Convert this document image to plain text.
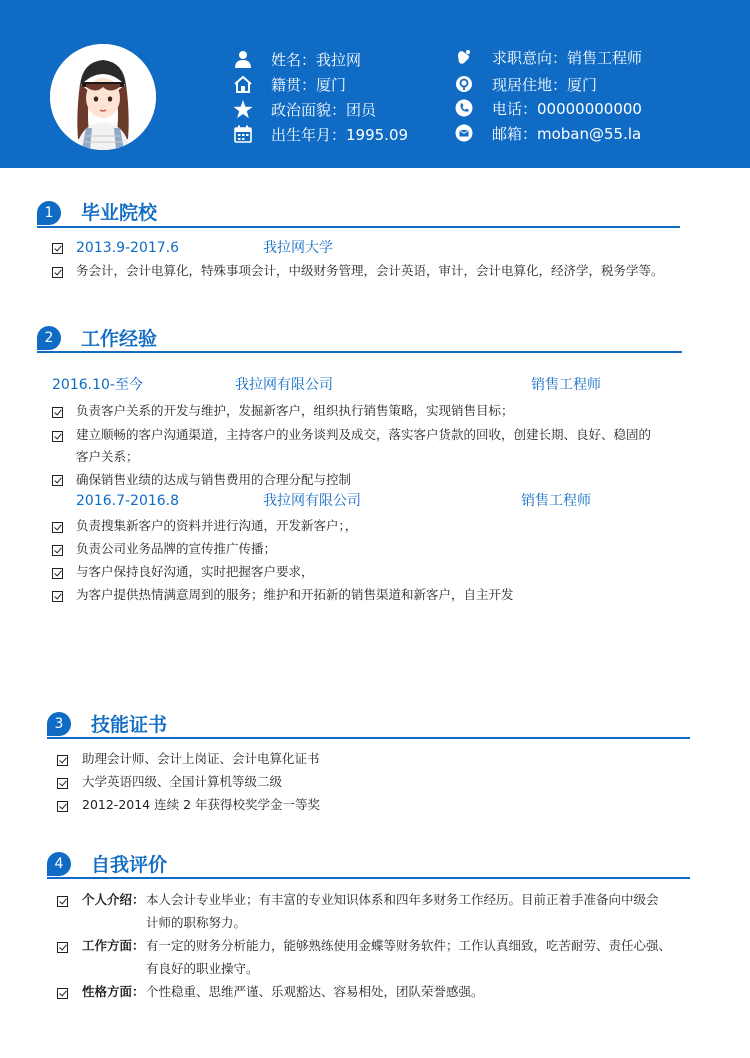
姓名：我拉网
籍贯：厦门
政治面貌：团员
出生年月：1995.09
求职意向：销售工程师
现居住地：厦门
电话：00000000000
邮箱：moban@55.la
1	毕业院校
2013.9-2017.6	我拉网大学
务会计，会计电算化，特殊事项会计，中级财务管理，会计英语，审计，会计电算化，经济学，税务学等。
2	工作经验
2016.10-至今	我拉网有限公司	销售工程师
负责客户关系的开发与维护，发掘新客户，组织执行销售策略，实现销售目标；
建立顺畅的客户沟通渠道，主持客户的业务谈判及成交，落实客户货款的回收，创建长期、良好、稳固的
客户关系；
确保销售业绩的达成与销售费用的合理分配与控制
2016.7-2016.8	我拉网有限公司	销售工程师
负责搜集新客户的资料并进行沟通，开发新客户；，
负责公司业务品牌的宣传推广传播；
与客户保持良好沟通，实时把握客户要求，
为客户提供热情满意周到的服务；维护和开拓新的销售渠道和新客户，自主开发
3	技能证书
助理会计师、会计上岗证、会计电算化证书
大学英语四级、全国计算机等级二级
2012-2014 连续 2 年获得校奖学金一等奖
4	自我评价
个人介绍： 本人会计专业毕业；有丰富的专业知识体系和四年多财务工作经历。目前正着手准备向中级会
计师的职称努力。
工作方面： 有一定的财务分析能力，能够熟练使用金蝶等财务软件；工作认真细致，吃苦耐劳、责任心强、
有良好的职业操守。
性格方面： 个性稳重、思维严谨、乐观豁达、容易相处，团队荣誉感强。
